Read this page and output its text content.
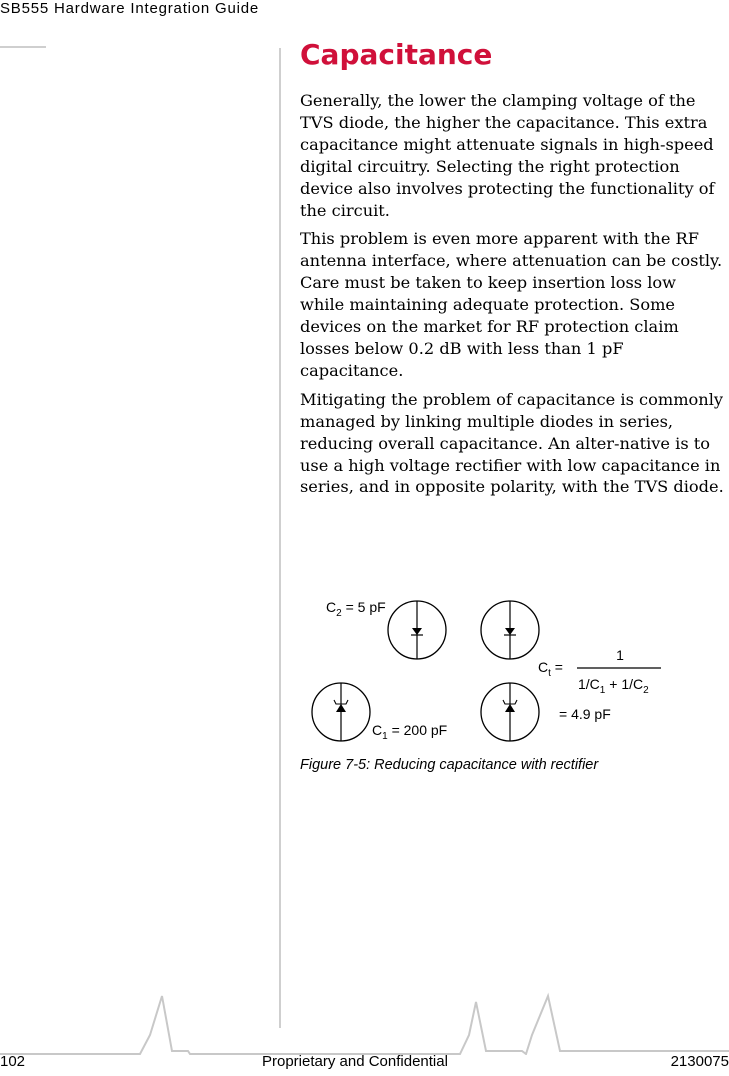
SB555 Hardware Integration Guide
Capacitance

Generally, the lower the clamping voltage of the TVS diode, the higher the capacitance. This extra capacitance might attenuate signals in high-speed digital circuitry. Selecting the right protection device also involves protecting the functionality of the circuit.

This problem is even more apparent with the RF antenna interface, where attenuation can be costly. Care must be taken to keep insertion loss low while maintaining adequate protection. Some devices on the market for RF protection claim losses below 0.2 dB with less than 1 pF capacitance.

Mitigating the problem of capacitance is commonly managed by linking multiple diodes in series, reducing overall capacitance. An alter-native is to use a high voltage rectifier with low capacitance in series, and in opposite polarity, with the TVS diode.

$C_2 = 5$ pF
$C_1 = 200$ pF
$C_t$ =
1
$1/C_1 + 1/C_2$
= 4.9 pF

Figure 7-5: Reducing capacitance with rectifier

102	Proprietary and Confidential	2130075
